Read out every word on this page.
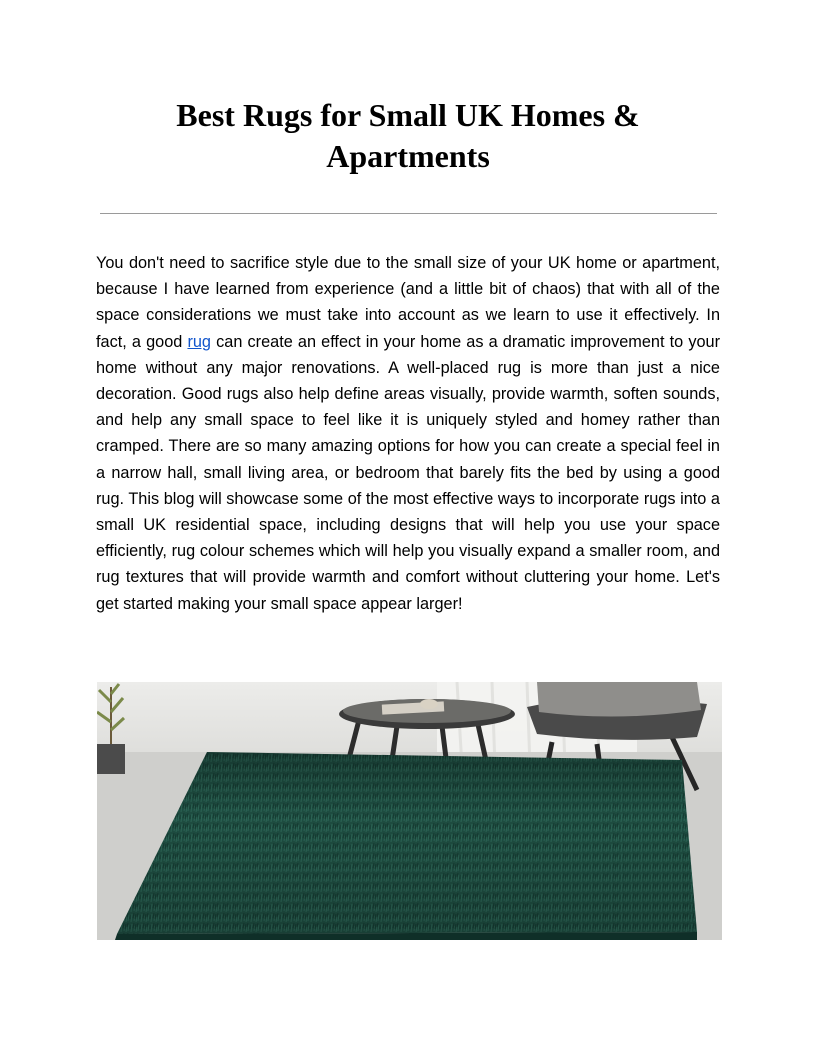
Best Rugs for Small UK Homes & Apartments

You don't need to sacrifice style due to the small size of your UK home or apartment, because I have learned from experience (and a little bit of chaos) that with all of the space considerations we must take into account as we learn to use it effectively. In fact, a good rug can create an effect in your home as a dramatic improvement to your home without any major renovations. A well-placed rug is more than just a nice decoration. Good rugs also help define areas visually, provide warmth, soften sounds, and help any small space to feel like it is uniquely styled and homey rather than cramped. There are so many amazing options for how you can create a special feel in a narrow hall, small living area, or bedroom that barely fits the bed by using a good rug. This blog will showcase some of the most effective ways to incorporate rugs into a small UK residential space, including designs that will help you use your space efficiently, rug colour schemes which will help you visually expand a smaller room, and rug textures that will provide warmth and comfort without cluttering your home. Let's get started making your small space appear larger!
